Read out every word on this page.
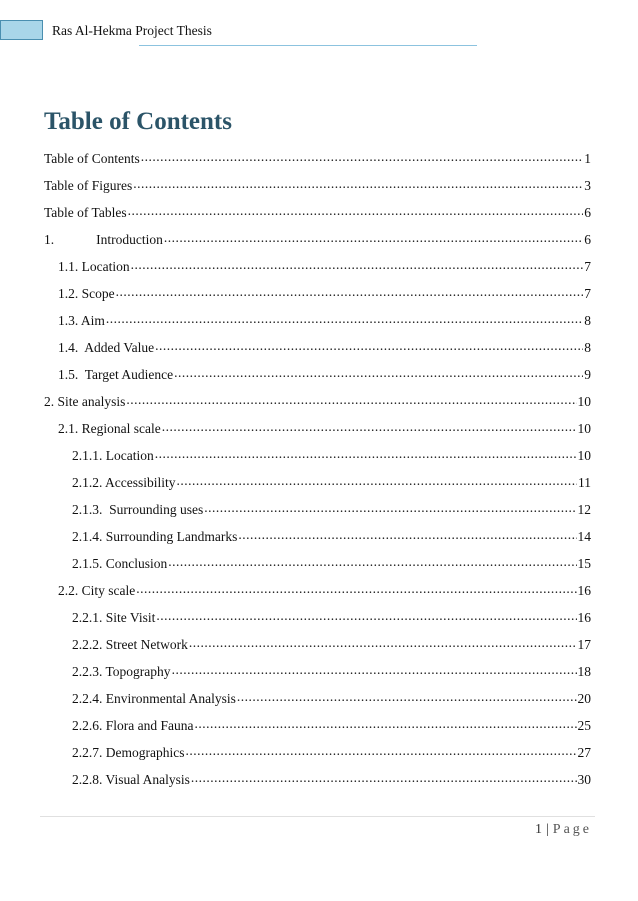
Ras Al-Hekma Project Thesis
Table of Contents
Table of Contents .....	1
Table of Figures .....	3
Table of Tables .....	6
1.	Introduction .....	6
1.1. Location .....	7
1.2. Scope .....	7
1.3. Aim .....	8
1.4.  Added Value .....	8
1.5.  Target Audience .....	9
2. Site analysis .....	10
2.1. Regional scale .....	10
2.1.1. Location .....	10
2.1.2. Accessibility .....	11
2.1.3.  Surrounding uses .....	12
2.1.4. Surrounding Landmarks .....	14
2.1.5. Conclusion .....	15
2.2. City scale .....	16
2.2.1. Site Visit .....	16
2.2.2. Street Network .....	17
2.2.3. Topography .....	18
2.2.4. Environmental Analysis .....	20
2.2.6. Flora and Fauna .....	25
2.2.7. Demographics .....	27
2.2.8. Visual Analysis .....	30
1 | Page
